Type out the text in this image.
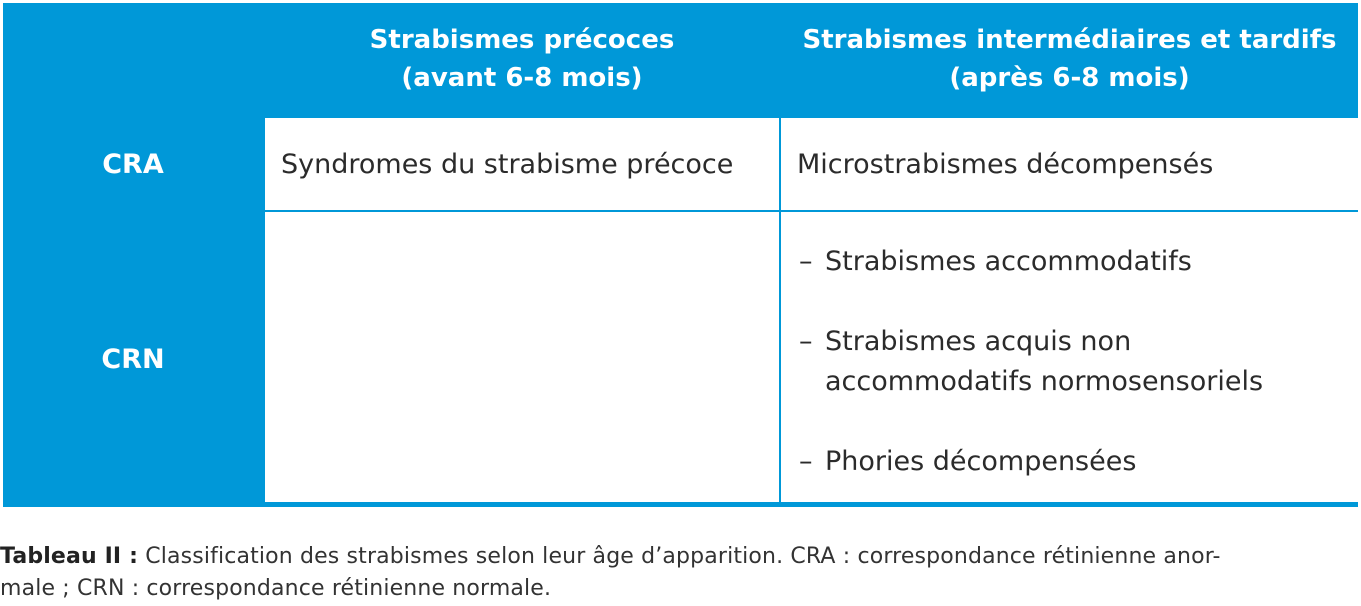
Strabismes précoces
(avant 6-8 mois)
Strabismes intermédiaires et tardifs
(après 6-8 mois)
CRA	Syndromes du strabisme précoce Microstrabismes décompensés
CRN
– Strabismes accommodatifs
– Strabismes acquis non
accommodatifs normosensoriels
– Phories décompensées
Tableau II : Classification des strabismes selon leur âge d’apparition. CRA : correspondance rétinienne anor-
male ; CRN : correspondance rétinienne normale.
